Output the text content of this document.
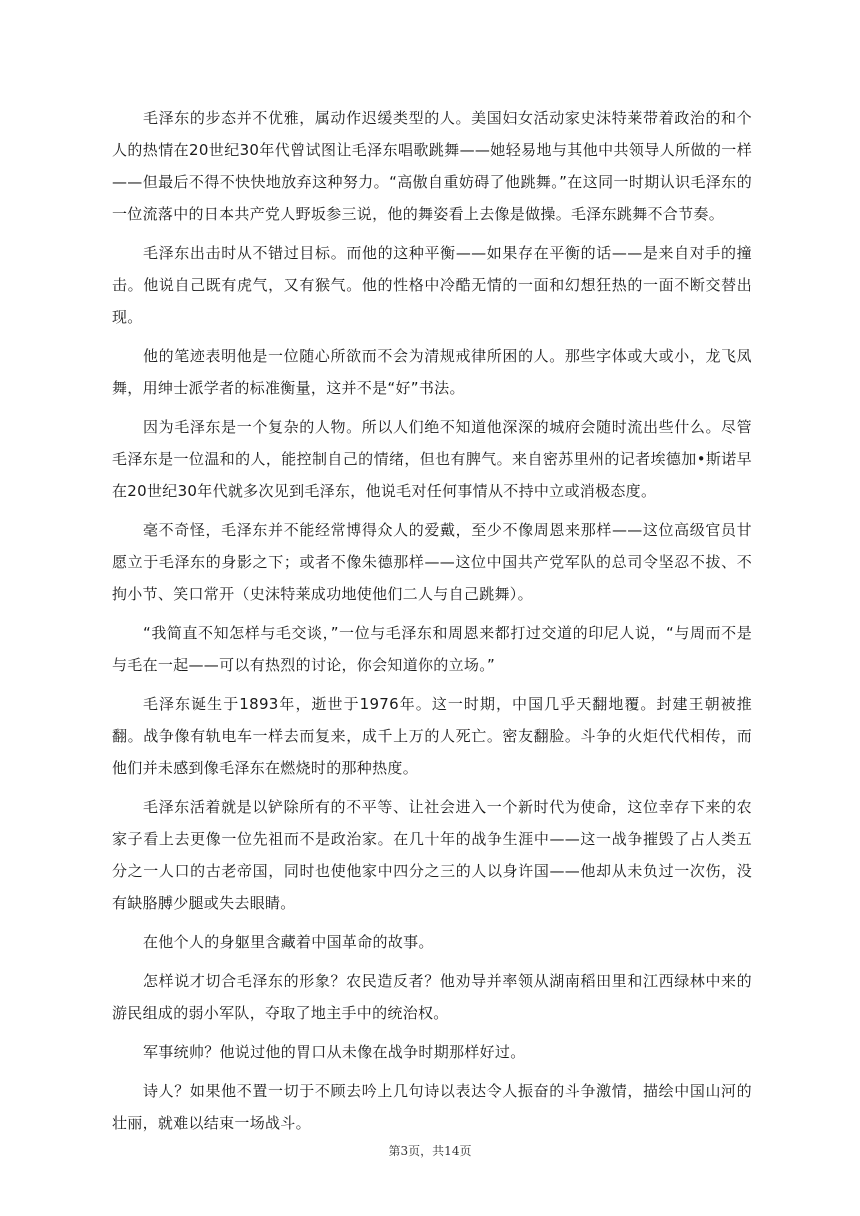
毛泽东的步态并不优雅，属动作迟缓类型的人。美国妇女活动家史沫特莱带着政治的和个人的热情在20世纪30年代曾试图让毛泽东唱歌跳舞——她轻易地与其他中共领导人所做的一样——但最后不得不快快地放弃这种努力。“高傲自重妨碍了他跳舞。”在这同一时期认识毛泽东的一位流落中的日本共产党人野坂参三说，他的舞姿看上去像是做操。毛泽东跳舞不合节奏。

毛泽东出击时从不错过目标。而他的这种平衡——如果存在平衡的话——是来自对手的撞击。他说自己既有虎气，又有猴气。他的性格中冷酷无情的一面和幻想狂热的一面不断交替出现。

他的笔迹表明他是一位随心所欲而不会为清规戒律所困的人。那些字体或大或小，龙飞凤舞，用绅士派学者的标准衡量，这并不是“好”书法。

因为毛泽东是一个复杂的人物。所以人们绝不知道他深深的城府会随时流出些什么。尽管毛泽东是一位温和的人，能控制自己的情绪，但也有脾气。来自密苏里州的记者埃德加•斯诺早在20世纪30年代就多次见到毛泽东，他说毛对任何事情从不持中立或消极态度。

毫不奇怪，毛泽东并不能经常博得众人的爱戴，至少不像周恩来那样——这位高级官员甘愿立于毛泽东的身影之下；或者不像朱德那样——这位中国共产党军队的总司令坚忍不拔、不拘小节、笑口常开（史沫特莱成功地使他们二人与自己跳舞）。

“我简直不知怎样与毛交谈，”一位与毛泽东和周恩来都打过交道的印尼人说，“与周而不是与毛在一起——可以有热烈的讨论，你会知道你的立场。”

毛泽东诞生于1893年，逝世于1976年。这一时期，中国几乎天翻地覆。封建王朝被推翻。战争像有轨电车一样去而复来，成千上万的人死亡。密友翻脸。斗争的火炬代代相传，而他们并未感到像毛泽东在燃烧时的那种热度。

毛泽东活着就是以铲除所有的不平等、让社会进入一个新时代为使命，这位幸存下来的农家子看上去更像一位先祖而不是政治家。在几十年的战争生涯中——这一战争摧毁了占人类五分之一人口的古老帝国，同时也使他家中四分之三的人以身许国——他却从未负过一次伤，没有缺胳膊少腿或失去眼睛。

在他个人的身躯里含藏着中国革命的故事。

怎样说才切合毛泽东的形象？农民造反者？他劝导并率领从湖南稻田里和江西绿林中来的游民组成的弱小军队，夺取了地主手中的统治权。

军事统帅？他说过他的胃口从未像在战争时期那样好过。

诗人？如果他不置一切于不顾去吟上几句诗以表达令人振奋的斗争激情，描绘中国山河的壮丽，就难以结束一场战斗。

第3页，共14页
